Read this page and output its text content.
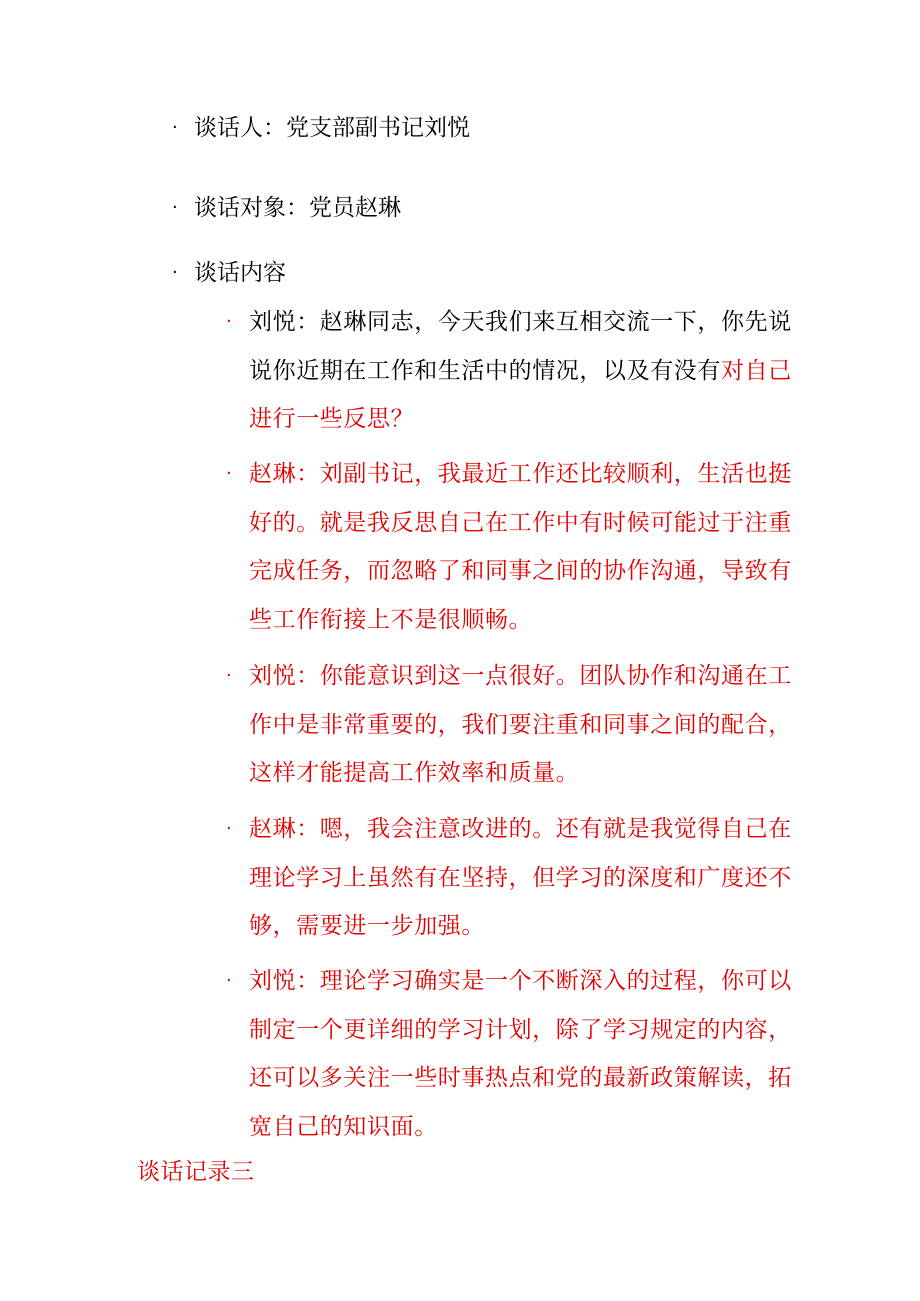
· 谈话人：党支部副书记刘悦
· 谈话对象：党员赵琳
· 谈话内容
· 刘悦：赵琳同志，今天我们来互相交流一下，你先说说你近期在工作和生活中的情况，以及有没有对自己进行一些反思？
· 赵琳：刘副书记，我最近工作还比较顺利，生活也挺好的。就是我反思自己在工作中有时候可能过于注重完成任务，而忽略了和同事之间的协作沟通，导致有些工作衔接上不是很顺畅。
· 刘悦：你能意识到这一点很好。团队协作和沟通在工作中是非常重要的，我们要注重和同事之间的配合，这样才能提高工作效率和质量。
· 赵琳：嗯，我会注意改进的。还有就是我觉得自己在理论学习上虽然有在坚持，但学习的深度和广度还不够，需要进一步加强。
· 刘悦：理论学习确实是一个不断深入的过程，你可以制定一个更详细的学习计划，除了学习规定的内容，还可以多关注一些时事热点和党的最新政策解读，拓宽自己的知识面。
谈话记录三
